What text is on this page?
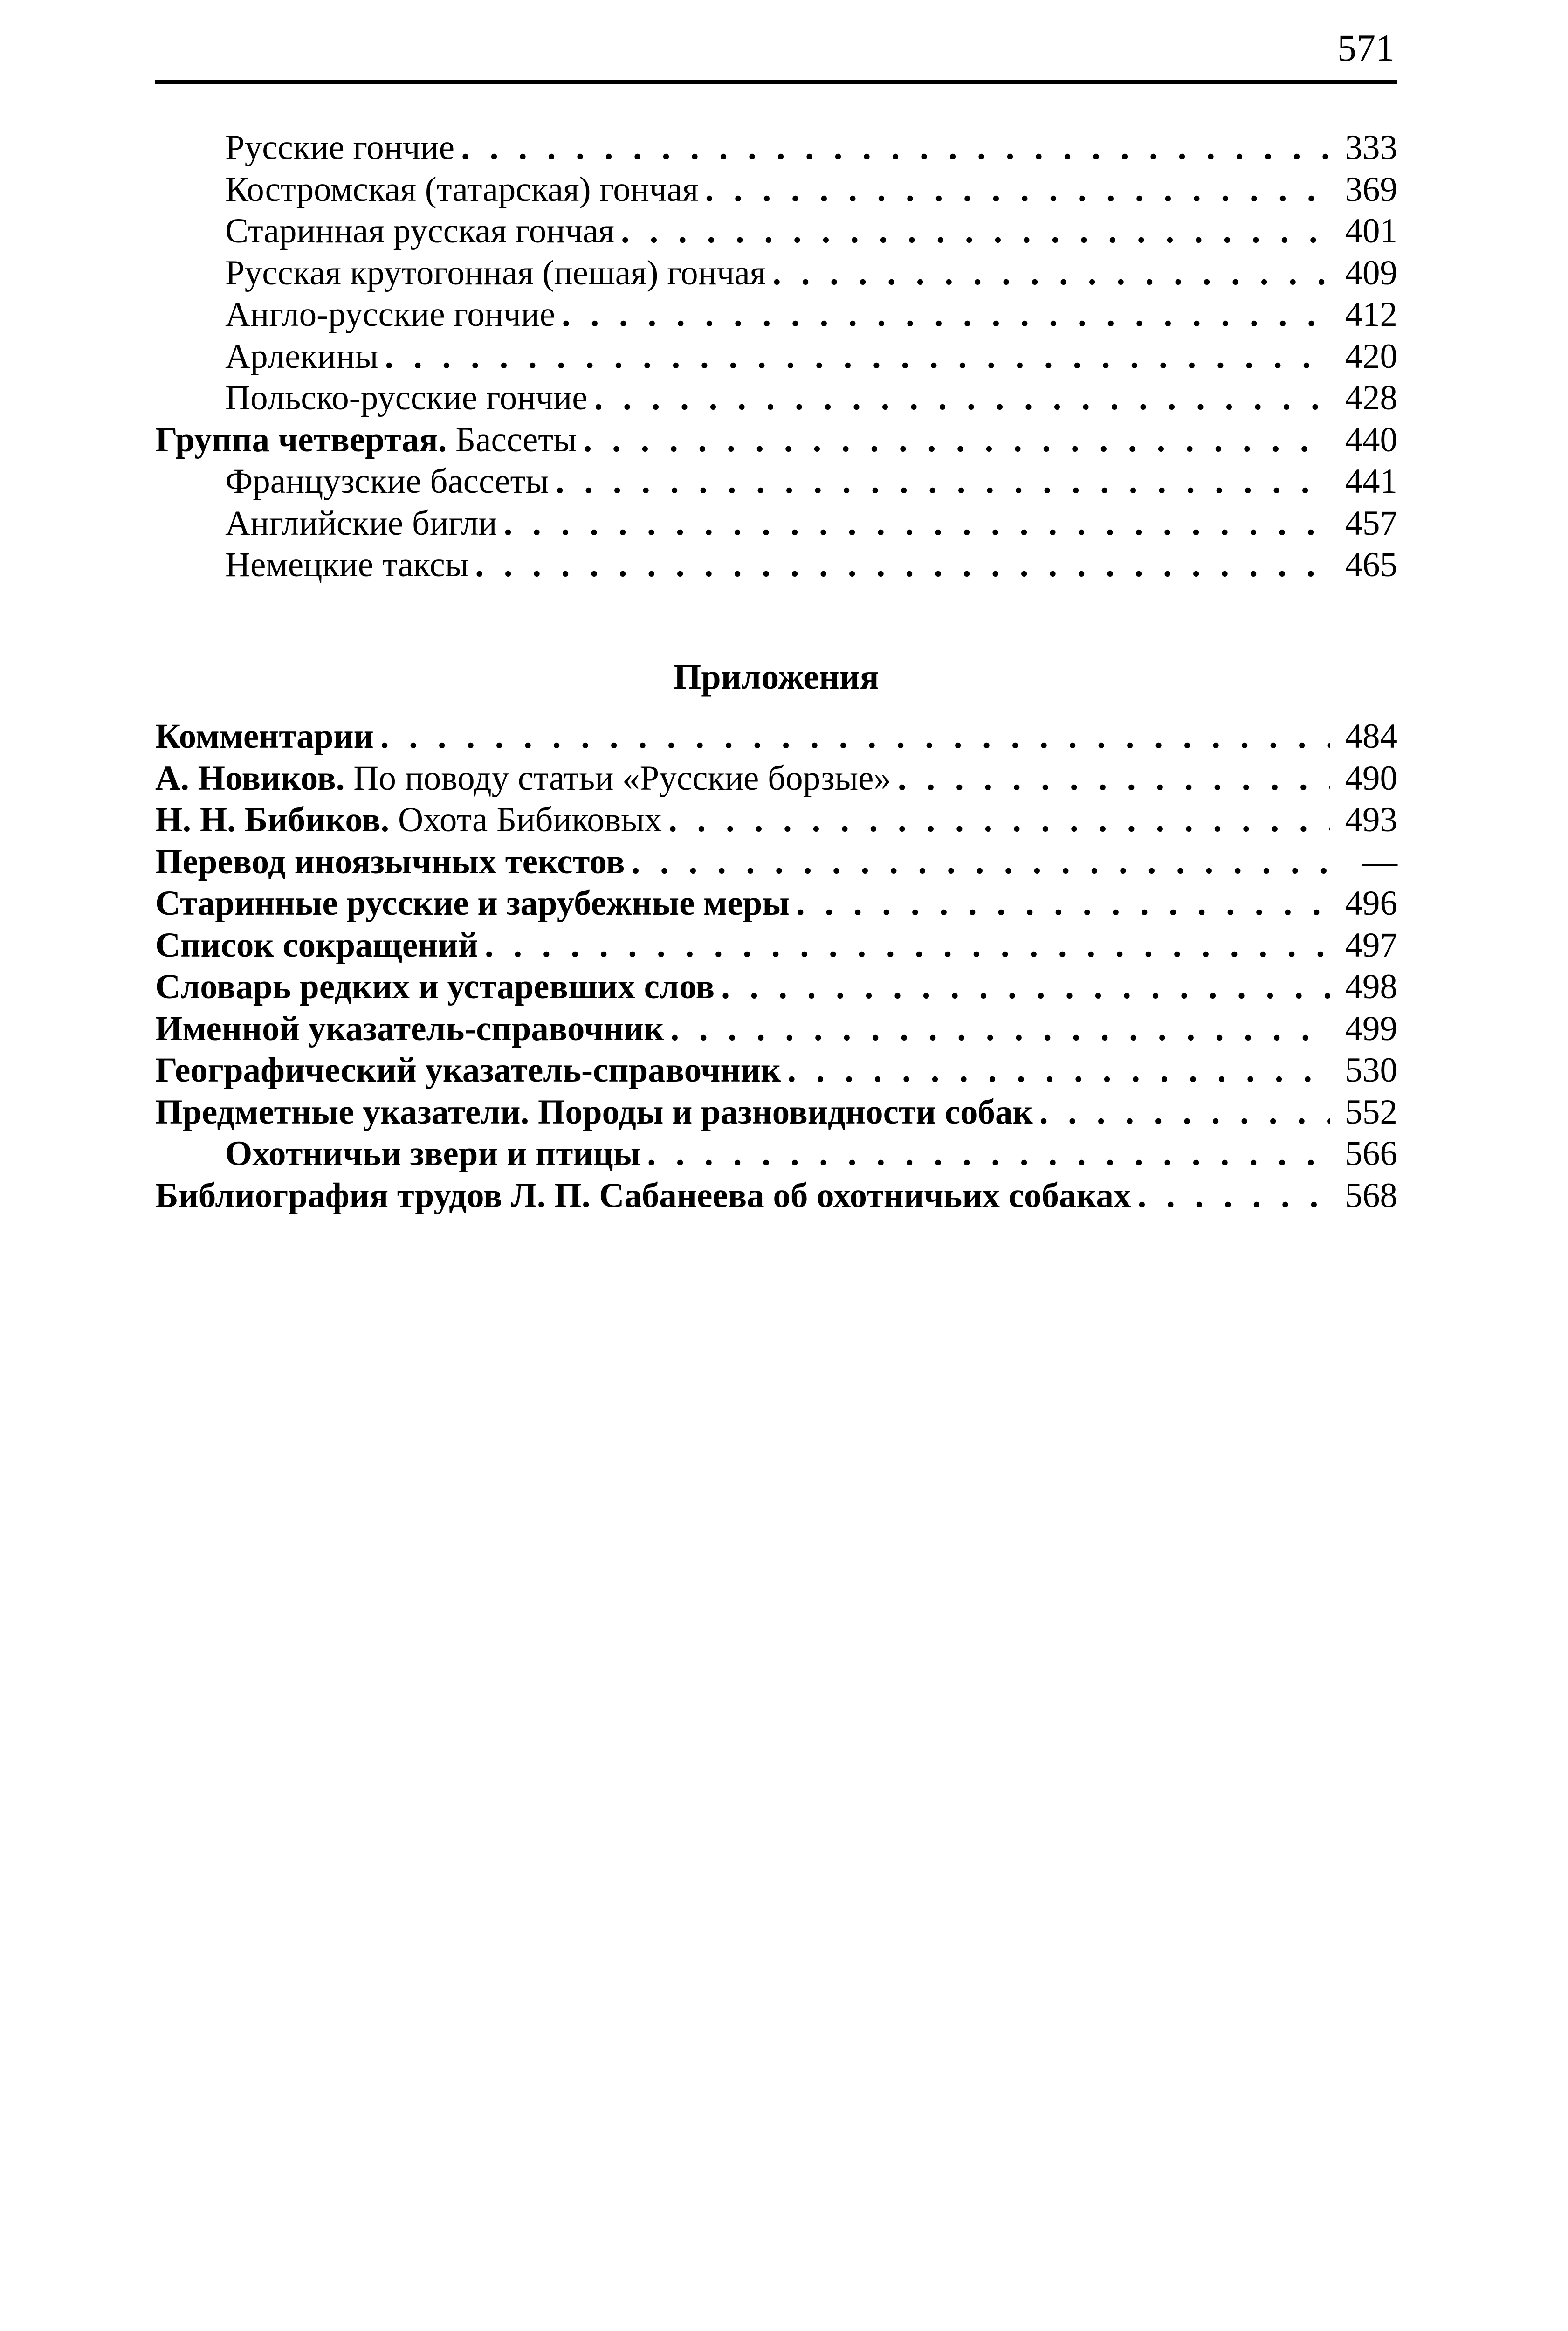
571
Русские гончие . . .	333
Костромская (татарская) гончая . . .	369
Старинная русская гончая . . .	401
Русская крутогонная (пешая) гончая . . .	409
Англо-русские гончие . . .	412
Арлекины . . .	420
Польско-русские гончие . . .	428
Группа четвертая. Бассеты . . .	440
Французские бассеты . . .	441
Английские бигли . . .	457
Немецкие таксы . . .	465
Приложения
Комментарии . . .	484
А. Новиков. По поводу статьи «Русские борзые» . . .	490
Н. Н. Бибиков. Охота Бибиковых . . .	493
Перевод иноязычных текстов . . .	—
Старинные русские и зарубежные меры . . .	496
Список сокращений . . .	497
Словарь редких и устаревших слов . . .	498
Именной указатель-справочник . . .	499
Географический указатель-справочник . . .	530
Предметные указатели. Породы и разновидности собак . . .	552
Охотничьи звери и птицы . . .	566
Библиография трудов Л. П. Сабанеева об охотничьих собаках . . .	568
